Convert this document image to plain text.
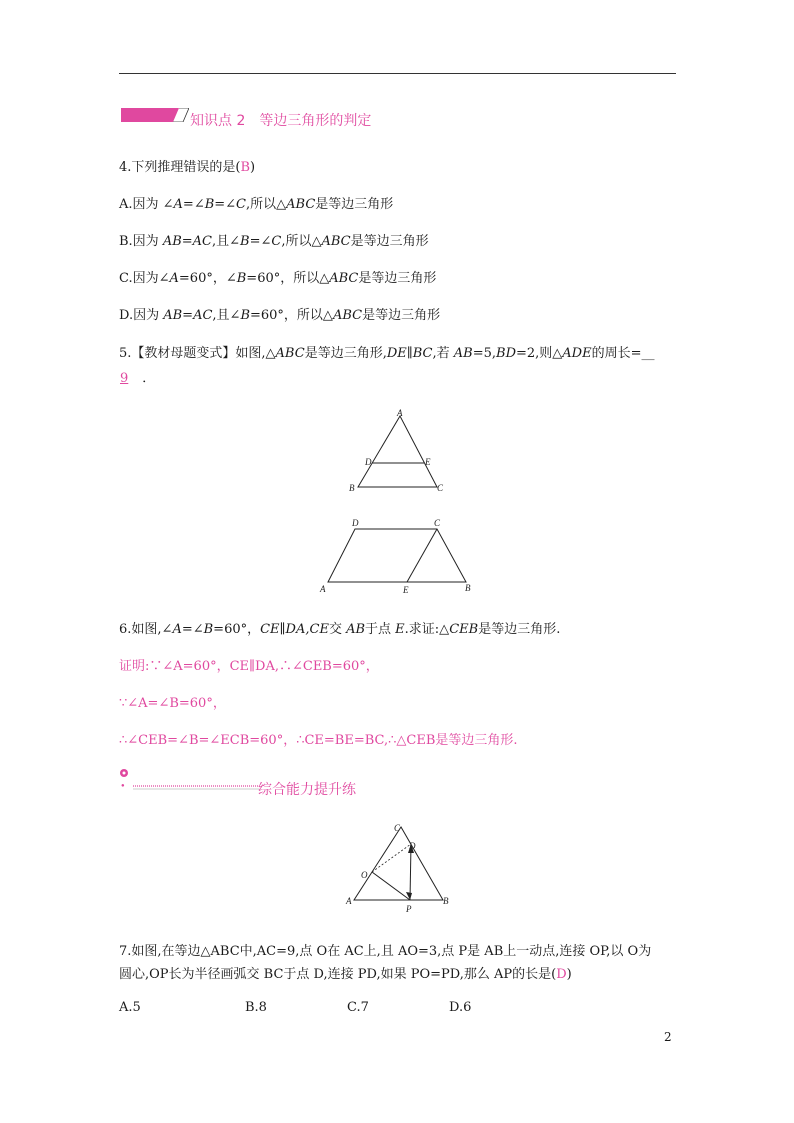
知识点 2　等边三角形的判定
4.下列推理错误的是(B)
A.因为 ∠A=∠B=∠C,所以△ABC是等边三角形
B.因为 AB=AC,且∠B=∠C,所以△ABC是等边三角形
C.因为∠A=60°，∠B=60°，所以△ABC是等边三角形
D.因为 AB=AC,且∠B=60°，所以△ABC是等边三角形
5.【教材母题变式】如图,△ABC是等边三角形,DE∥BC,若 AB=5,BD=2,则△ADE的周长=__
9 ．
A
D	E
B	C
D	C
A	E	B
6.如图,∠A=∠B=60°，CE∥DA,CE交 AB于点 E.求证:△CEB是等边三角形.
证明:∵∠A=60°，CE∥DA,∴∠CEB=60°，
∵∠A=∠B=60°，
∴∠CEB=∠B=∠ECB=60°，∴CE=BE=BC,∴△CEB是等边三角形.
●	综合能力提升练
C
D
O
A
P
B
7.如图,在等边△ABC中,AC=9,点 O在 AC上,且 AO=3,点 P是 AB上一动点,连接 OP,以 O为
圆心,OP长为半径画弧交 BC于点 D,连接 PD,如果 PO=PD,那么 AP的长是(D)
A.5	B.8	C.7	D.6
2
